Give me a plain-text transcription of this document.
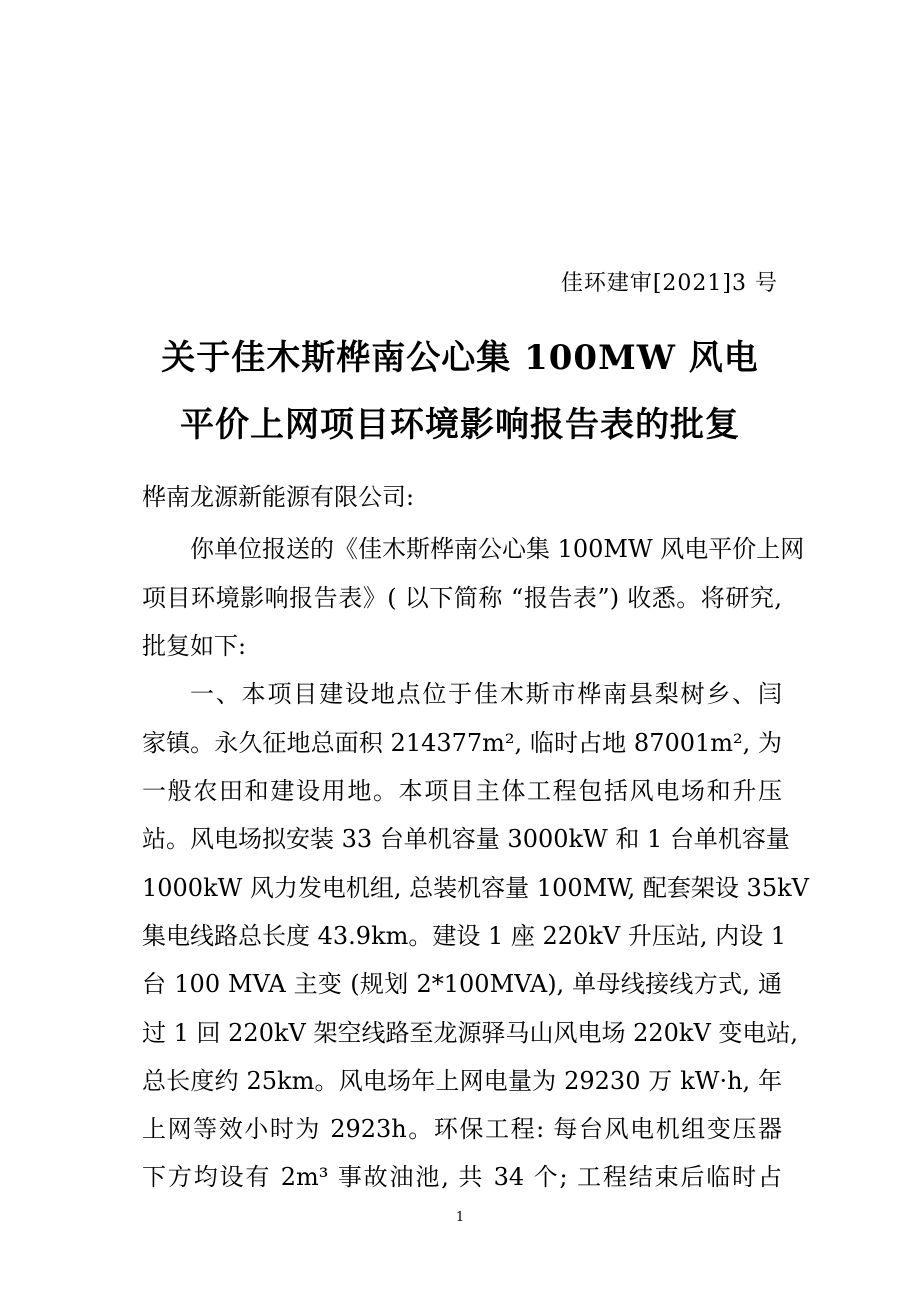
佳环建审[2021]3 号
关于佳木斯桦南公心集 100MW 风电
平价上网项目环境影响报告表的批复
桦南龙源新能源有限公司:
你单位报送的《佳木斯桦南公心集 100MW 风电平价上网
项目环境影响报告表》( 以下简称 “报告表”) 收悉。将研究,
批复如下:
一、本项目建设地点位于佳木斯市桦南县梨树乡、闫
家镇。永久征地总面积 214377m², 临时占地 87001m², 为
一般农田和建设用地。本项目主体工程包括风电场和升压
站。风电场拟安装 33 台单机容量 3000kW 和 1 台单机容量
1000kW 风力发电机组, 总装机容量 100MW, 配套架设 35kV
集电线路总长度 43.9km。建设 1 座 220kV 升压站, 内设 1
台 100 MVA 主变 (规划 2*100MVA), 单母线接线方式, 通
过 1 回 220kV 架空线路至龙源驿马山风电场 220kV 变电站,
总长度约 25km。风电场年上网电量为 29230 万 kW·h, 年
上网等效小时为 2923h。环保工程: 每台风电机组变压器
下方均设有 2m³ 事故油池, 共 34 个; 工程结束后临时占
1
